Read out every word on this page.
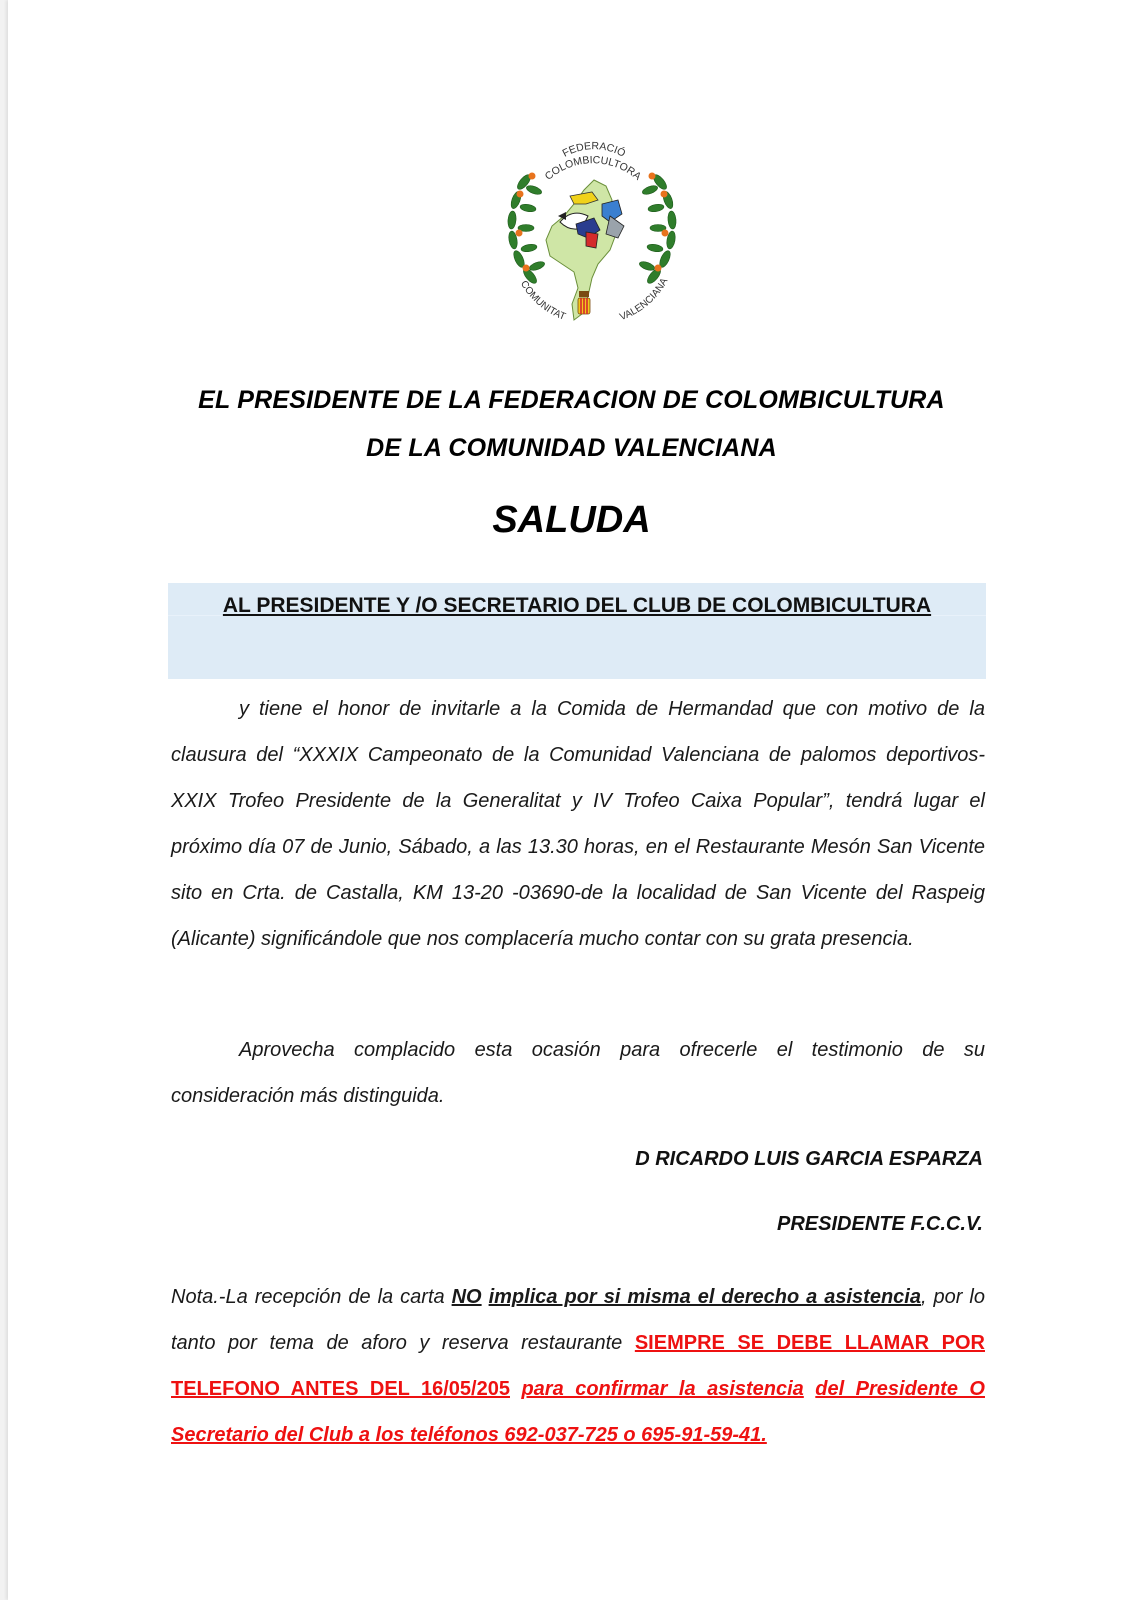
FEDERACIÓ
COLOMBICULTORA
COMUNITAT	VALENCIANA
EL PRESIDENTE DE LA FEDERACION DE COLOMBICULTURA
DE LA COMUNIDAD VALENCIANA
SALUDA
AL PRESIDENTE Y /O SECRETARIO DEL CLUB DE COLOMBICULTURA
y tiene el honor de invitarle a la Comida de Hermandad que con motivo de la clausura del “XXXIX Campeonato de la Comunidad Valenciana de palomos deportivos-XXIX Trofeo Presidente de la Generalitat y IV Trofeo Caixa Popular”, tendrá lugar el próximo día 07 de Junio, Sábado, a las 13.30 horas, en el Restaurante Mesón San Vicente sito en Crta. de Castalla, KM 13-20 -03690-de la localidad de San Vicente del Raspeig (Alicante) significándole que nos complacería mucho contar con su grata presencia.
Aprovecha complacido esta ocasión para ofrecerle el testimonio de su consideración más distinguida.
D RICARDO LUIS GARCIA ESPARZA
PRESIDENTE F.C.C.V.
Nota.-La recepción de la carta NO implica por si misma el derecho a asistencia, por lo tanto por tema de aforo y reserva restaurante SIEMPRE SE DEBE LLAMAR POR TELEFONO ANTES DEL 16/05/205 para confirmar la asistencia del Presidente O Secretario del Club a los teléfonos 692-037-725 o 695-91-59-41.
